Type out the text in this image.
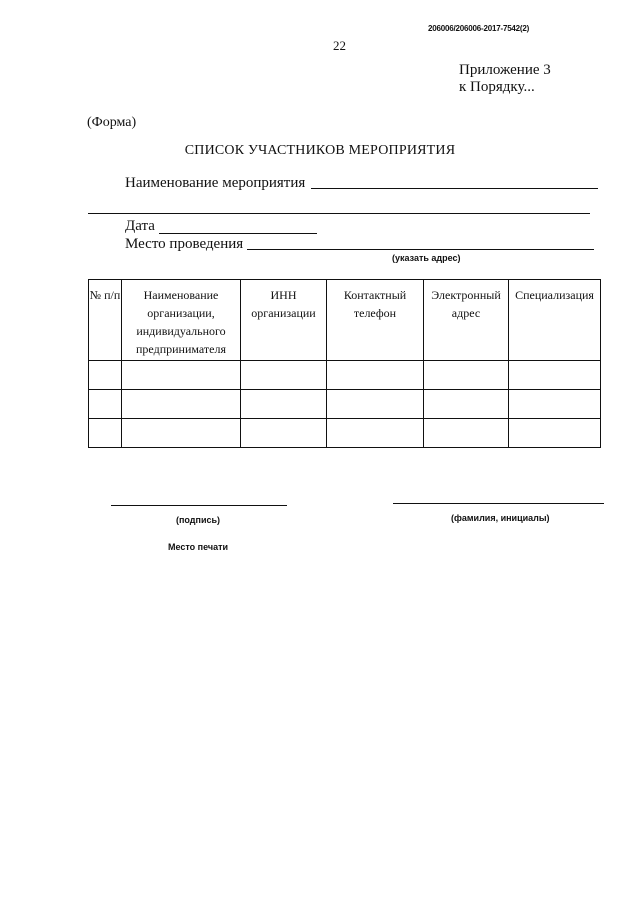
206006/206006-2017-7542(2)
22
Приложение 3
к Порядку...
(Форма)
СПИСОК УЧАСТНИКОВ МЕРОПРИЯТИЯ
Наименование мероприятия
Дата
Место проведения
(указать адрес)
№ п/п	Наименование организации, индивидуального предпринимателя	ИНН организации	Контактный телефон	Электронный адрес	Специализация

(подпись)	(фамилия, инициалы)
Место печати
